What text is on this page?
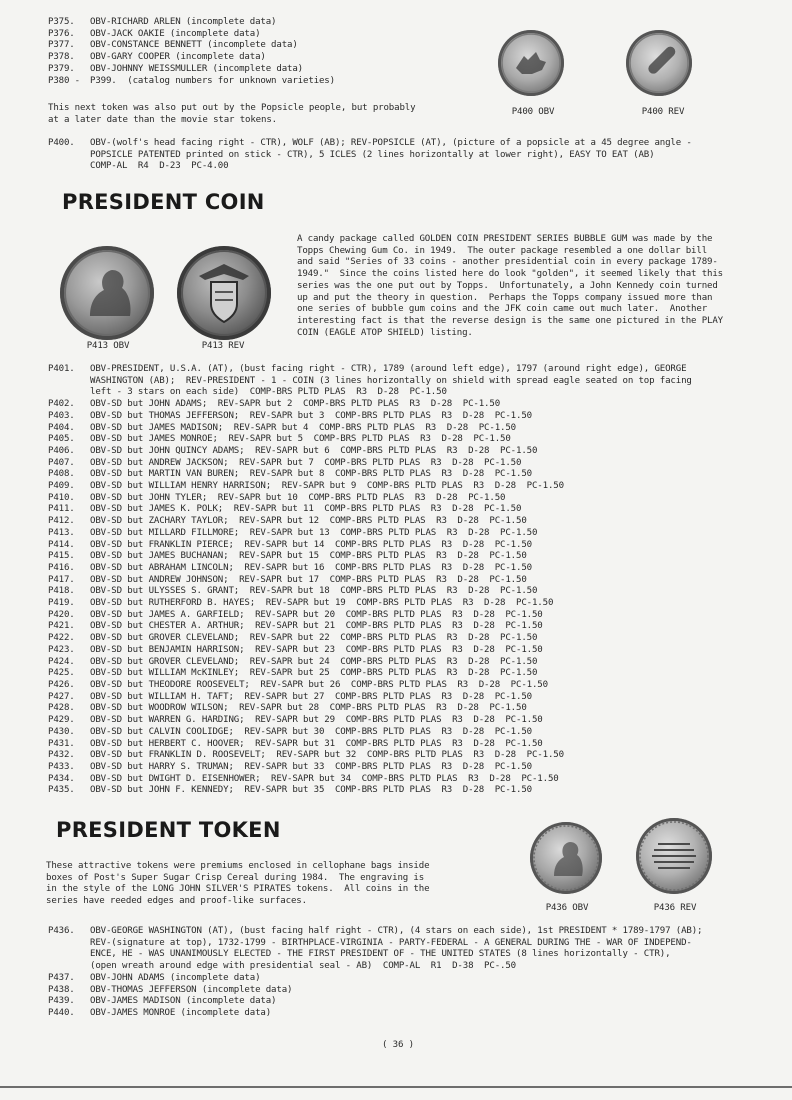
P375.	OBV-RICHARD ARLEN (incomplete data)
P376.	OBV-JACK OAKIE (incomplete data)
P377.	OBV-CONSTANCE BENNETT (incomplete data)
P378.	OBV-GARY COOPER (incomplete data)
P379.	OBV-JOHNNY WEISSMULLER (incomplete data)
P380 -	P399.  (catalog numbers for unknown varieties)
This next token was also put out by the Popsicle people, but probably
at a later date than the movie star tokens.
P400 OBV	P400 REV
P400.	OBV-(wolf's head facing right - CTR), WOLF (AB); REV-POPSICLE (AT), (picture of a popsicle at a 45 degree angle -
POPSICLE PATENTED printed on stick - CTR), 5 ICLES (2 lines horizontally at lower right), EASY TO EAT (AB)
COMP-AL  R4  D-23  PC-4.00
PRESIDENT COIN
P413 OBV	P413 REV
A candy package called GOLDEN COIN PRESIDENT SERIES BUBBLE GUM was made by the
Topps Chewing Gum Co. in 1949.  The outer package resembled a one dollar bill
and said "Series of 33 coins - another presidential coin in every package 1789-
1949."  Since the coins listed here do look "golden", it seemed likely that this
series was the one put out by Topps.  Unfortunately, a John Kennedy coin turned
up and put the theory in question.  Perhaps the Topps company issued more than
one series of bubble gum coins and the JFK coin came out much later.  Another
interesting fact is that the reverse design is the same one pictured in the PLAY
COIN (EAGLE ATOP SHIELD) listing.
P401.	OBV-PRESIDENT, U.S.A. (AT), (bust facing right - CTR), 1789 (around left edge), 1797 (around right edge), GEORGE
WASHINGTON (AB);  REV-PRESIDENT - 1 - COIN (3 lines horizontally on shield with spread eagle seated on top facing
left - 3 stars on each side)  COMP-BRS PLTD PLAS  R3  D-28  PC-1.50
P402.	OBV-SD but JOHN ADAMS;  REV-SAPR but 2  COMP-BRS PLTD PLAS  R3  D-28  PC-1.50
P403.	OBV-SD but THOMAS JEFFERSON;  REV-SAPR but 3  COMP-BRS PLTD PLAS  R3  D-28  PC-1.50
P404.	OBV-SD but JAMES MADISON;  REV-SAPR but 4  COMP-BRS PLTD PLAS  R3  D-28  PC-1.50
P405.	OBV-SD but JAMES MONROE;  REV-SAPR but 5  COMP-BRS PLTD PLAS  R3  D-28  PC-1.50
P406.	OBV-SD but JOHN QUINCY ADAMS;  REV-SAPR but 6  COMP-BRS PLTD PLAS  R3  D-28  PC-1.50
P407.	OBV-SD but ANDREW JACKSON;  REV-SAPR but 7  COMP-BRS PLTD PLAS  R3  D-28  PC-1.50
P408.	OBV-SD but MARTIN VAN BUREN;  REV-SAPR but 8  COMP-BRS PLTD PLAS  R3  D-28  PC-1.50
P409.	OBV-SD but WILLIAM HENRY HARRISON;  REV-SAPR but 9  COMP-BRS PLTD PLAS  R3  D-28  PC-1.50
P410.	OBV-SD but JOHN TYLER;  REV-SAPR but 10  COMP-BRS PLTD PLAS  R3  D-28  PC-1.50
P411.	OBV-SD but JAMES K. POLK;  REV-SAPR but 11  COMP-BRS PLTD PLAS  R3  D-28  PC-1.50
P412.	OBV-SD but ZACHARY TAYLOR;  REV-SAPR but 12  COMP-BRS PLTD PLAS  R3  D-28  PC-1.50
P413.	OBV-SD but MILLARD FILLMORE;  REV-SAPR but 13  COMP-BRS PLTD PLAS  R3  D-28  PC-1.50
P414.	OBV-SD but FRANKLIN PIERCE;  REV-SAPR but 14  COMP-BRS PLTD PLAS  R3  D-28  PC-1.50
P415.	OBV-SD but JAMES BUCHANAN;  REV-SAPR but 15  COMP-BRS PLTD PLAS  R3  D-28  PC-1.50
P416.	OBV-SD but ABRAHAM LINCOLN;  REV-SAPR but 16  COMP-BRS PLTD PLAS  R3  D-28  PC-1.50
P417.	OBV-SD but ANDREW JOHNSON;  REV-SAPR but 17  COMP-BRS PLTD PLAS  R3  D-28  PC-1.50
P418.	OBV-SD but ULYSSES S. GRANT;  REV-SAPR but 18  COMP-BRS PLTD PLAS  R3  D-28  PC-1.50
P419.	OBV-SD but RUTHERFORD B. HAYES;  REV-SAPR but 19  COMP-BRS PLTD PLAS  R3  D-28  PC-1.50
P420.	OBV-SD but JAMES A. GARFIELD;  REV-SAPR but 20  COMP-BRS PLTD PLAS  R3  D-28  PC-1.50
P421.	OBV-SD but CHESTER A. ARTHUR;  REV-SAPR but 21  COMP-BRS PLTD PLAS  R3  D-28  PC-1.50
P422.	OBV-SD but GROVER CLEVELAND;  REV-SAPR but 22  COMP-BRS PLTD PLAS  R3  D-28  PC-1.50
P423.	OBV-SD but BENJAMIN HARRISON;  REV-SAPR but 23  COMP-BRS PLTD PLAS  R3  D-28  PC-1.50
P424.	OBV-SD but GROVER CLEVELAND;  REV-SAPR but 24  COMP-BRS PLTD PLAS  R3  D-28  PC-1.50
P425.	OBV-SD but WILLIAM McKINLEY;  REV-SAPR but 25  COMP-BRS PLTD PLAS  R3  D-28  PC-1.50
P426.	OBV-SD but THEODORE ROOSEVELT;  REV-SAPR but 26  COMP-BRS PLTD PLAS  R3  D-28  PC-1.50
P427.	OBV-SD but WILLIAM H. TAFT;  REV-SAPR but 27  COMP-BRS PLTD PLAS  R3  D-28  PC-1.50
P428.	OBV-SD but WOODROW WILSON;  REV-SAPR but 28  COMP-BRS PLTD PLAS  R3  D-28  PC-1.50
P429.	OBV-SD but WARREN G. HARDING;  REV-SAPR but 29  COMP-BRS PLTD PLAS  R3  D-28  PC-1.50
P430.	OBV-SD but CALVIN COOLIDGE;  REV-SAPR but 30  COMP-BRS PLTD PLAS  R3  D-28  PC-1.50
P431.	OBV-SD but HERBERT C. HOOVER;  REV-SAPR but 31  COMP-BRS PLTD PLAS  R3  D-28  PC-1.50
P432.	OBV-SD but FRANKLIN D. ROOSEVELT;  REV-SAPR but 32  COMP-BRS PLTD PLAS  R3  D-28  PC-1.50
P433.	OBV-SD but HARRY S. TRUMAN;  REV-SAPR but 33  COMP-BRS PLTD PLAS  R3  D-28  PC-1.50
P434.	OBV-SD but DWIGHT D. EISENHOWER;  REV-SAPR but 34  COMP-BRS PLTD PLAS  R3  D-28  PC-1.50
P435.	OBV-SD but JOHN F. KENNEDY;  REV-SAPR but 35  COMP-BRS PLTD PLAS  R3  D-28  PC-1.50
PRESIDENT TOKEN
These attractive tokens were premiums enclosed in cellophane bags inside
boxes of Post's Super Sugar Crisp Cereal during 1984.  The engraving is
in the style of the LONG JOHN SILVER'S PIRATES tokens.  All coins in the
series have reeded edges and proof-like surfaces.
P436 OBV	P436 REV
P436.	OBV-GEORGE WASHINGTON (AT), (bust facing half right - CTR), (4 stars on each side), 1st PRESIDENT * 1789-1797 (AB);
REV-(signature at top), 1732-1799 - BIRTHPLACE-VIRGINIA - PARTY-FEDERAL - A GENERAL DURING THE - WAR OF INDEPEND-
ENCE, HE - WAS UNANIMOUSLY ELECTED - THE FIRST PRESIDENT OF - THE UNITED STATES (8 lines horizontally - CTR),
(open wreath around edge with presidential seal - AB)  COMP-AL  R1  D-38  PC-.50
P437.	OBV-JOHN ADAMS (incomplete data)
P438.	OBV-THOMAS JEFFERSON (incomplete data)
P439.	OBV-JAMES MADISON (incomplete data)
P440.	OBV-JAMES MONROE (incomplete data)
( 36 )
